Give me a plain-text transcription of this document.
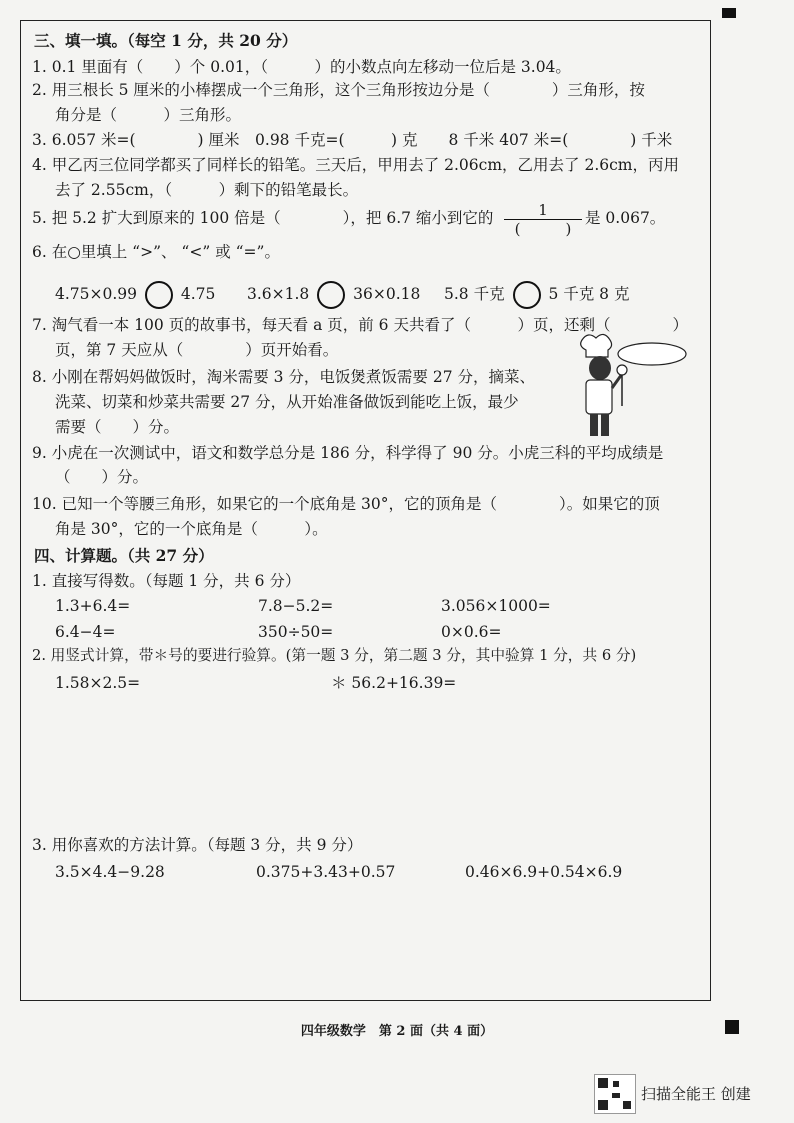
三、填一填。（每空 1 分，共 20 分）
1. 0.1 里面有（　　）个 0.01，（　　　）的小数点向左移动一位后是 3.04。
2. 用三根长 5 厘米的小棒摆成一个三角形，这个三角形按边分是（　　　　）三角形，按
角分是（　　　）三角形。
3. 6.057 米=(　　　　) 厘米　0.98 千克=(　　　) 克　　8 千米 407 米=(　　　　) 千米
4. 甲乙丙三位同学都买了同样长的铅笔。三天后，甲用去了 2.06cm，乙用去了 2.6cm，丙用
去了 2.55cm，（　　　）剩下的铅笔最长。
5. 把 5.2 扩大到原来的 100 倍是（　　　　），把 6.7 缩小到它的	1
(　　　)
是 0.067。
6. 在○里填上 “>”、 “<” 或 “=”。
4.75×0.99	4.75 3.6×1.8	36×0.18 5.8 千克	5 千克 8 克
7. 淘气看一本 100 页的故事书，每天看 a 页，前 6 天共看了（　　　）页，还剩（　　　　）
页，第 7 天应从（　　　　）页开始看。
8. 小刚在帮妈妈做饭时，淘米需要 3 分，电饭煲煮饭需要 27 分，摘菜、
洗菜、切菜和炒菜共需要 27 分，从开始准备做饭到能吃上饭，最少
需要（　　）分。
9. 小虎在一次测试中，语文和数学总分是 186 分，科学得了 90 分。小虎三科的平均成绩是
（　　）分。
10. 已知一个等腰三角形，如果它的一个底角是 30°，它的顶角是（　　　　）。如果它的顶
角是 30°，它的一个底角是（　　　）。
四、计算题。（共 27 分）
1. 直接写得数。（每题 1 分，共 6 分）
1.3+6.4=	7.8−5.2=	3.056×1000=
6.4−4=	350÷50=	0×0.6=
2. 用竖式计算，带＊号的要进行验算。(第一题 3 分，第二题 3 分，其中验算 1 分，共 6 分)
1.58×2.5=	＊ 56.2+16.39=
3. 用你喜欢的方法计算。（每题 3 分，共 9 分）
3.5×4.4−9.28	0.375+3.43+0.57	0.46×6.9+0.54×6.9
四年级数学　第 2 面（共 4 面）
扫描全能王 创建
